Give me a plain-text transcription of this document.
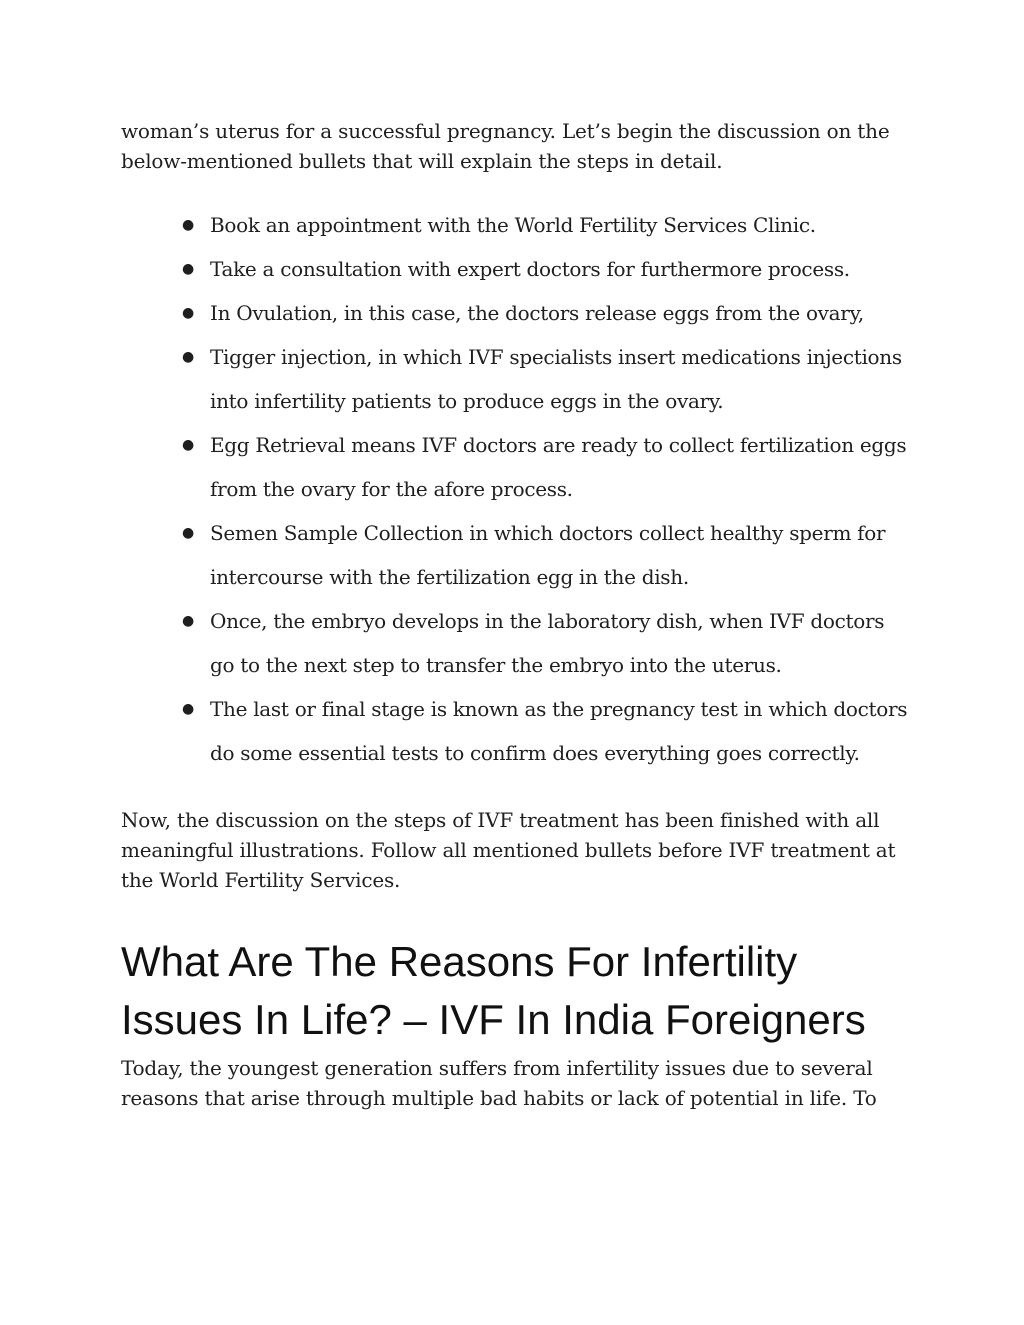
woman’s uterus for a successful pregnancy. Let’s begin the discussion on the below-mentioned bullets that will explain the steps in detail.

● Book an appointment with the World Fertility Services Clinic.
● Take a consultation with expert doctors for furthermore process.
● In Ovulation, in this case, the doctors release eggs from the ovary,
● Tigger injection, in which IVF specialists insert medications injections into infertility patients to produce eggs in the ovary.
● Egg Retrieval means IVF doctors are ready to collect fertilization eggs from the ovary for the afore process.
● Semen Sample Collection in which doctors collect healthy sperm for intercourse with the fertilization egg in the dish.
● Once, the embryo develops in the laboratory dish, when IVF doctors go to the next step to transfer the embryo into the uterus.
● The last or final stage is known as the pregnancy test in which doctors do some essential tests to confirm does everything goes correctly.

Now, the discussion on the steps of IVF treatment has been finished with all meaningful illustrations. Follow all mentioned bullets before IVF treatment at the World Fertility Services.

What Are The Reasons For Infertility Issues In Life? – IVF In India Foreigners

Today, the youngest generation suffers from infertility issues due to several reasons that arise through multiple bad habits or lack of potential in life. To
